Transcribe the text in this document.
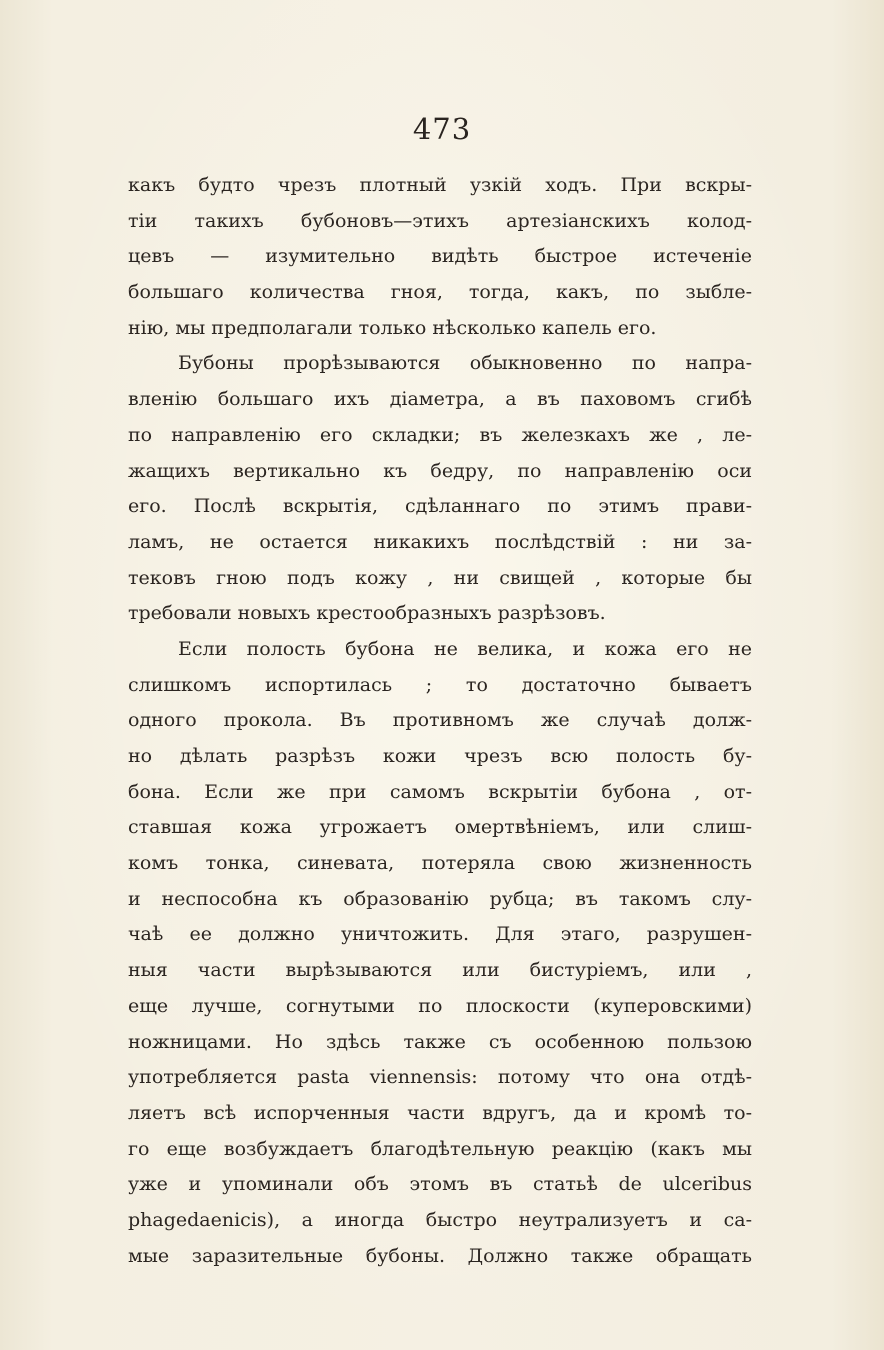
473
какъ будто чрезъ плотный узкій ходъ. При вскры-
тіи такихъ бубоновъ—этихъ артезіанскихъ колод-
цевъ — изумительно видѣть быстрое истеченіе
большаго количества гноя, тогда, какъ, по зыбле-
нію, мы предполагали только нѣсколько капель его.
Бубоны прорѣзываются обыкновенно по напра-
вленію большаго ихъ діаметра, а въ паховомъ сгибѣ
по направленію его складки; въ железкахъ же , ле-
жащихъ вертикально къ бедру, по направленію оси
его. Послѣ вскрытія, сдѣланнаго по этимъ прави-
ламъ, не остается никакихъ послѣдствій : ни за-
тековъ гною подъ кожу , ни свищей , которые бы
требовали новыхъ крестообразныхъ разрѣзовъ.
Если полость бубона не велика, и кожа его не
слишкомъ испортилась ; то достаточно бываетъ
одного прокола. Въ противномъ же случаѣ долж-
но дѣлать разрѣзъ кожи чрезъ всю полость бу-
бона. Если же при самомъ вскрытіи бубона , от-
ставшая кожа угрожаетъ омертвѣніемъ, или слиш-
комъ тонка, синевата, потеряла свою жизненность
и неспособна къ образованію рубца; въ такомъ слу-
чаѣ ее должно уничтожить. Для этаго, разрушен-
ныя части вырѣзываются или бистуріемъ, или ,
еще лучше, согнутыми по плоскости (куперовскими)
ножницами. Но здѣсь также съ особенною пользою
употребляется pasta viennensis: потому что она отдѣ-
ляетъ всѣ испорченныя части вдругъ, да и кромѣ то-
го еще возбуждаетъ благодѣтельную реакцію (какъ мы
уже и упоминали объ этомъ въ статьѣ de ulceribus
phagedaenicis), а иногда быстро неутрализуетъ и са-
мые заразительные бубоны. Должно также обращать
